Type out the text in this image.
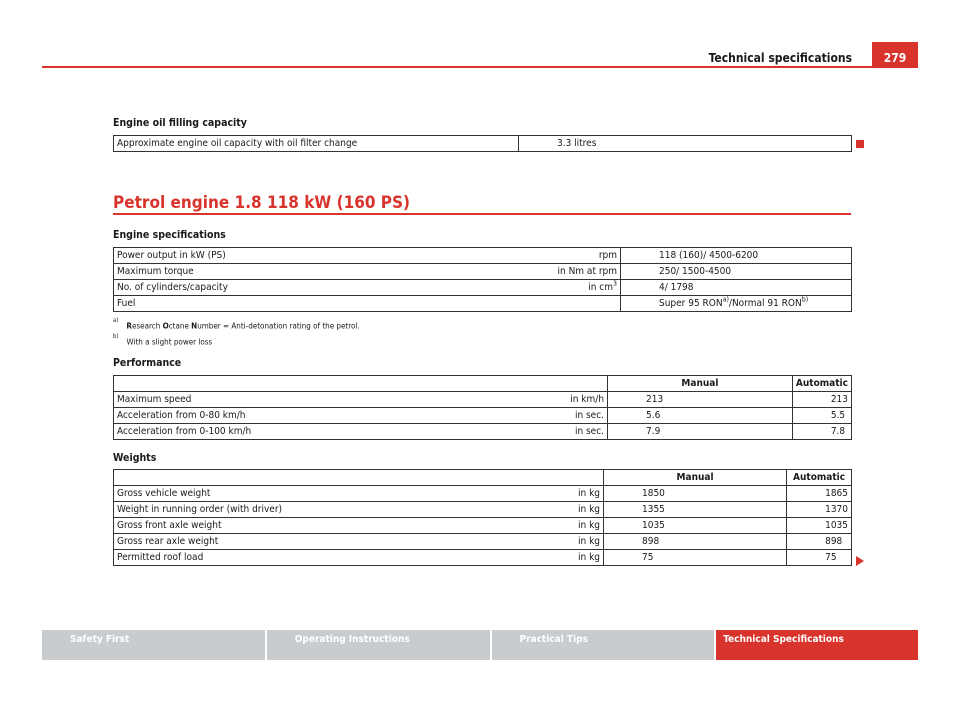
Technical specifications	279
Engine oil filling capacity
Approximate engine oil capacity with oil filter change	3.3 litres
Petrol engine 1.8 118 kW (160 PS)
Engine specifications
Power output in kW (PS)	rpm	118 (160)/ 4500-6200
Maximum torque	in Nm at rpm	250/ 1500-4500
No. of cylinders/capacity	in $cm^3$	4/ 1798
Fuel		Super 95 RON$^{a)}$/Normal 91 RON$^{b)}$
$^{a)}$Research Octane Number = Anti-detonation rating of the petrol.
$^{b)}$With a slight power loss
Performance
		Manual	Automatic
Maximum speed	in km/h	213	213
Acceleration from 0-80 km/h	in sec.	5.6	5.5
Acceleration from 0-100 km/h	in sec.	7.9	7.8
Weights
		Manual	Automatic
Gross vehicle weight	in kg	1850	1865
Weight in running order (with driver)	in kg	1355	1370
Gross front axle weight	in kg	1035	1035
Gross rear axle weight	in kg	898	898
Permitted roof load	in kg	75	75
Safety First	Operating Instructions	Practical Tips	Technical Specifications
